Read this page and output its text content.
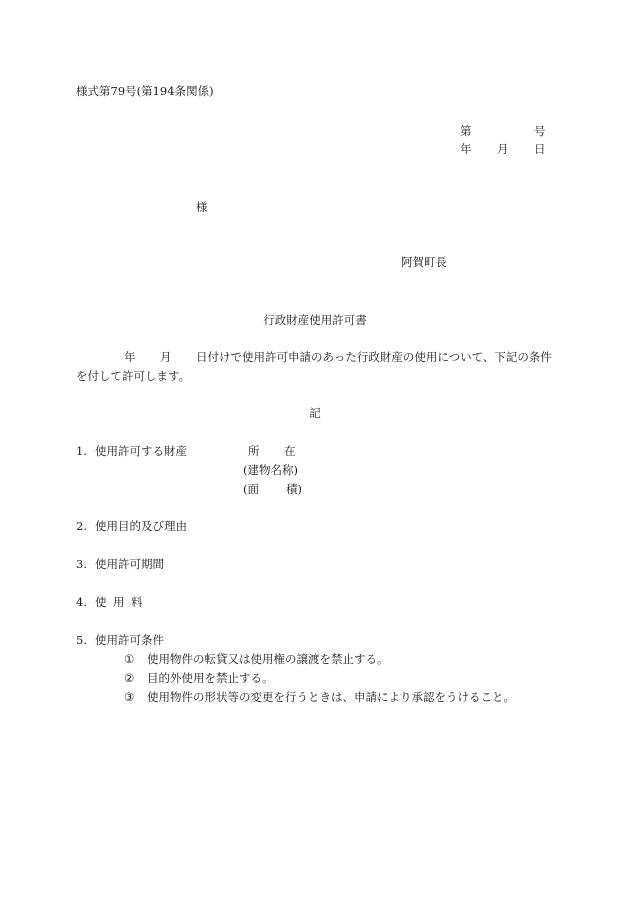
様式第79号(第194条関係)
第	号
年 月 日
様
阿賀町長
行政財産使用許可書
年 月 日付けで使用許可申請のあった行政財産の使用について、下記の条件
を付して許可します。
記
1. 使用許可する財産	所 在
(建物名称)
(面 積)
2. 使用目的及び理由
3. 使用許可期間
4. 使 用 料
5. 使用許可条件
① 使用物件の転貸又は使用権の譲渡を禁止する。
② 目的外使用を禁止する。
③ 使用物件の形状等の変更を行うときは、申請により承認をうけること。
